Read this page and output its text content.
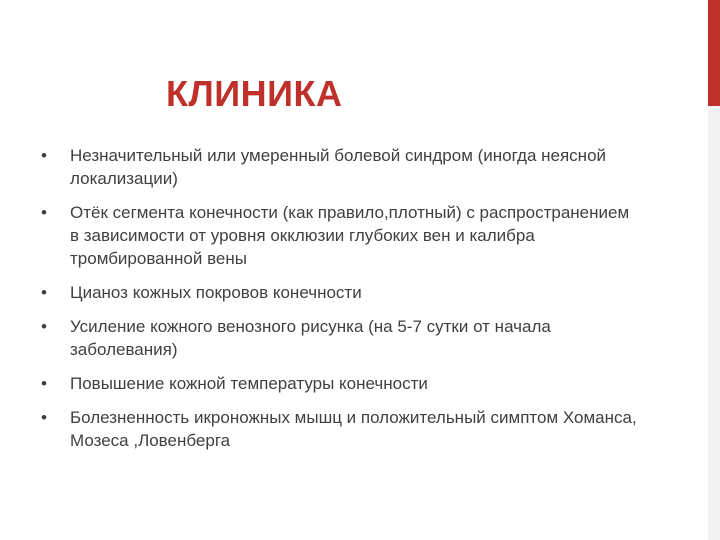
КЛИНИКА
• Незначительный или умеренный болевой синдром (иногда неясной локализации)
• Отёк сегмента конечности (как правило,плотный) с распространением в зависимости от уровня окклюзии глубоких вен и калибра тромбированной вены
• Цианоз кожных покровов конечности
• Усиление кожного венозного рисунка (на 5-7 сутки от начала заболевания)
• Повышение кожной температуры конечности
• Болезненность икроножных мышц и положительный симптом Хоманса, Мозеса ,Ловенберга
